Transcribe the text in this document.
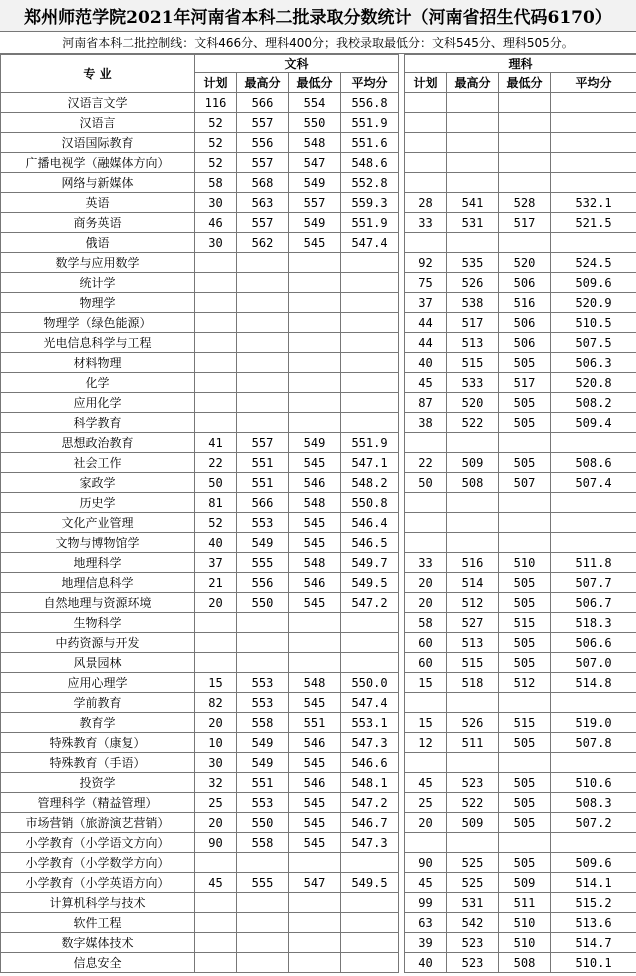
郑州师范学院2021年河南省本科二批录取分数统计（河南省招生代码6170）
河南省本科二批控制线：文科466分、理科400分；我校录取最低分：文科545分、理科505分。
专 业	文科					理科			
	计划	最高分	最低分	平均分		计划	最高分	最低分	平均分
汉语言文学	116	566	554	556.8					
汉语言	52	557	550	551.9					
汉语国际教育	52	556	548	551.6					
广播电视学（融媒体方向）	52	557	547	548.6					
网络与新媒体	58	568	549	552.8					
英语	30	563	557	559.3		28	541	528	532.1
商务英语	46	557	549	551.9		33	531	517	521.5
俄语	30	562	545	547.4					
数学与应用数学						92	535	520	524.5
统计学						75	526	506	509.6
物理学						37	538	516	520.9
物理学（绿色能源）						44	517	506	510.5
光电信息科学与工程						44	513	506	507.5
材料物理						40	515	505	506.3
化学						45	533	517	520.8
应用化学						87	520	505	508.2
科学教育						38	522	505	509.4
思想政治教育	41	557	549	551.9					
社会工作	22	551	545	547.1		22	509	505	508.6
家政学	50	551	546	548.2		50	508	507	507.4
历史学	81	566	548	550.8					
文化产业管理	52	553	545	546.4					
文物与博物馆学	40	549	545	546.5					
地理科学	37	555	548	549.7		33	516	510	511.8
地理信息科学	21	556	546	549.5		20	514	505	507.7
自然地理与资源环境	20	550	545	547.2		20	512	505	506.7
生物科学						58	527	515	518.3
中药资源与开发						60	513	505	506.6
风景园林						60	515	505	507.0
应用心理学	15	553	548	550.0		15	518	512	514.8
学前教育	82	553	545	547.4					
教育学	20	558	551	553.1		15	526	515	519.0
特殊教育（康复）	10	549	546	547.3		12	511	505	507.8
特殊教育（手语）	30	549	545	546.6					
投资学	32	551	546	548.1		45	523	505	510.6
管理科学（精益管理）	25	553	545	547.2		25	522	505	508.3
市场营销（旅游演艺营销）	20	550	545	546.7		20	509	505	507.2
小学教育（小学语文方向）	90	558	545	547.3					
小学教育（小学数学方向）						90	525	505	509.6
小学教育（小学英语方向）	45	555	547	549.5		45	525	509	514.1
计算机科学与技术						99	531	511	515.2
软件工程						63	542	510	513.6
数字媒体技术						39	523	510	514.7
信息安全						40	523	508	510.1
